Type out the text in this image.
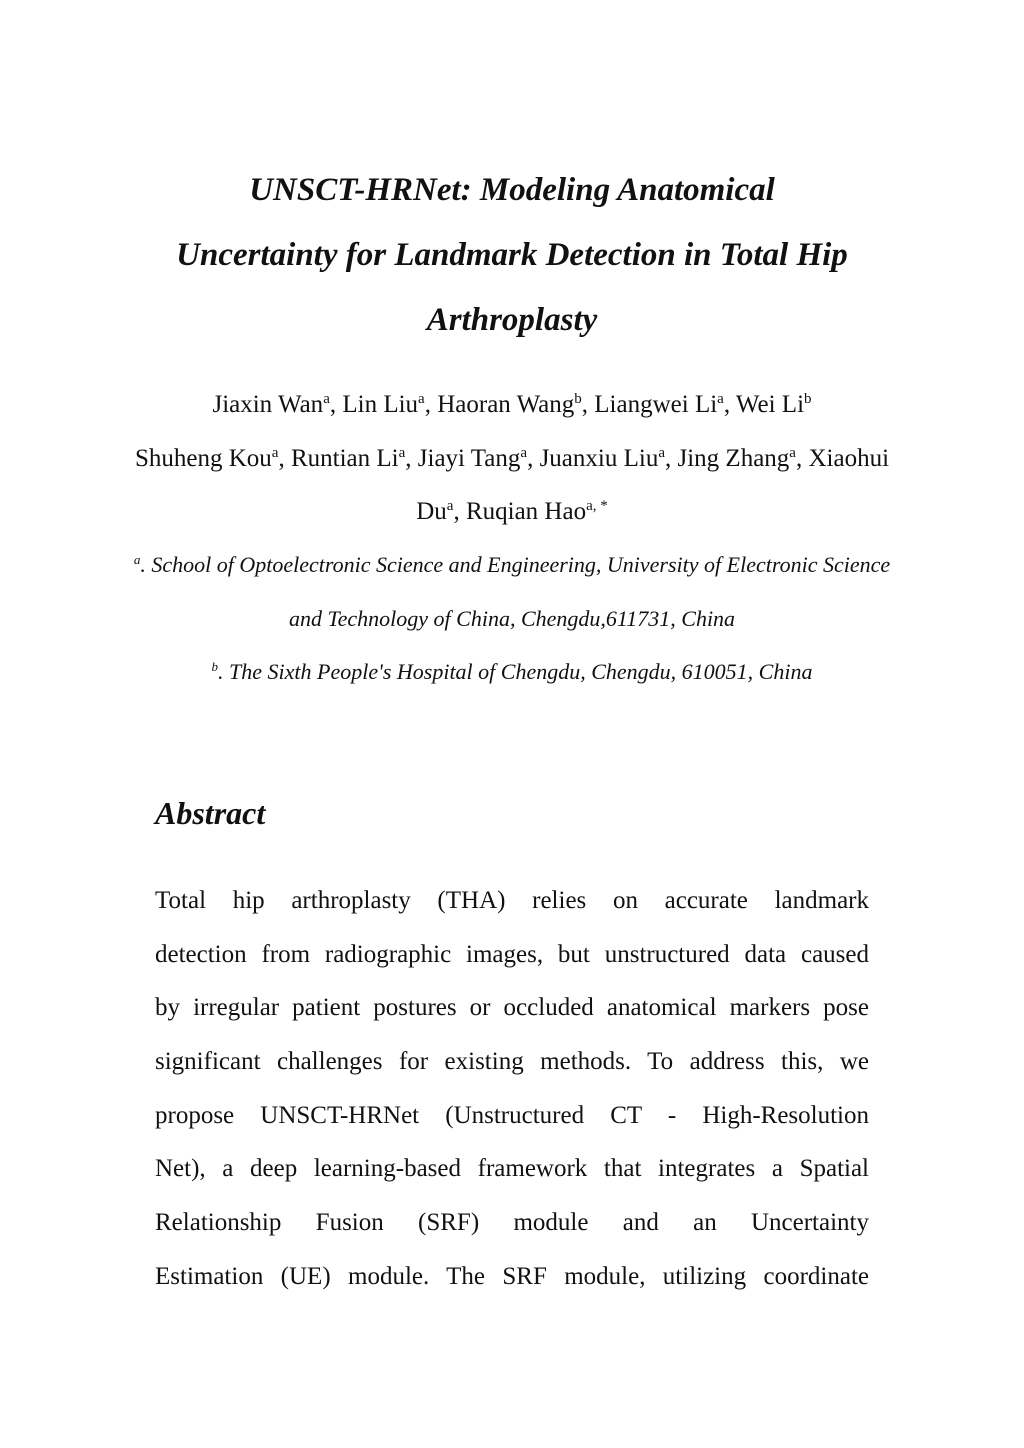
UNSCT-HRNet: Modeling Anatomical
Uncertainty for Landmark Detection in Total Hip
Arthroplasty
Jiaxin Wan$^a$, Lin Liu$^a$, Haoran Wang$^b$, Liangwei Li$^a$, Wei Li$^b$
Shuheng Kou$^a$, Runtian Li$^a$, Jiayi Tang$^a$, Juanxiu Liu$^a$, Jing Zhang$^a$, Xiaohui Du$^a$, Ruqian Hao$^{a, *}$
$^a$. School of Optoelectronic Science and Engineering, University of Electronic Science and Technology of China, Chengdu,611731, China
$^b$. The Sixth People's Hospital of Chengdu, Chengdu, 610051, China
Abstract
Total hip arthroplasty (THA) relies on accurate landmark
detection from radiographic images, but unstructured data caused
by irregular patient postures or occluded anatomical markers pose
significant challenges for existing methods. To address this, we
propose UNSCT-HRNet (Unstructured CT - High-Resolution
Net), a deep learning-based framework that integrates a Spatial
Relationship Fusion (SRF) module and an Uncertainty
Estimation (UE) module. The SRF module, utilizing coordinate
